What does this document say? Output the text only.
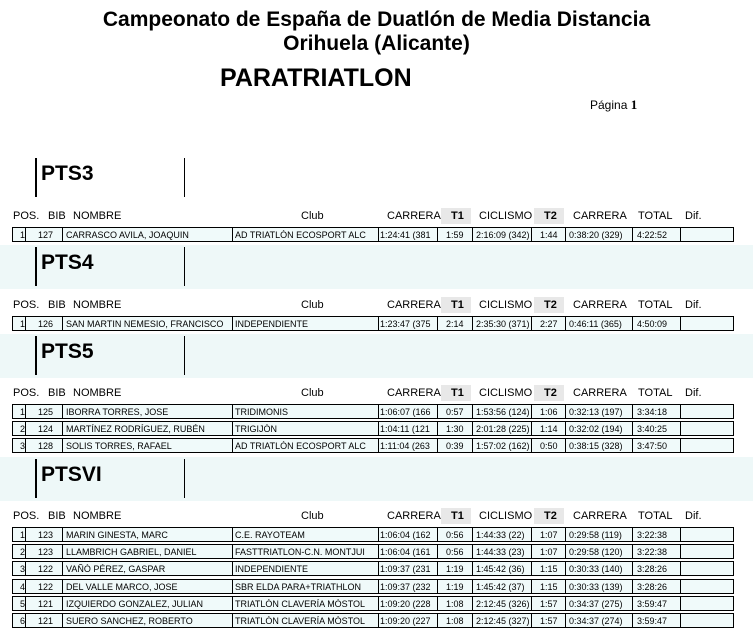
Campeonato de España de Duatlón de Media Distancia
Orihuela (Alicante)
PARATRIATLON
Página 1
PTS3
POS. BIB NOMBRE	Club	CARRERA T1 CICLISMO T2 CARRERA TOTAL Dif.
1 127	CARRASCO AVILA, JOAQUIN	AD TRIATLÓN ECOSPORT ALC	1:24:41 (381	1:59	2:16:09 (342) 1:44	0:38:20 (329)	4:22:52
PTS4
POS. BIB NOMBRE	Club	CARRERA T1 CICLISMO T2 CARRERA TOTAL Dif.
1 126	SAN MARTIN NEMESIO, FRANCISCO	INDEPENDIENTE	1:23:47 (375	2:14	2:35:30 (371) 2:27	0:46:11 (365)	4:50:09
PTS5
POS. BIB NOMBRE	Club	CARRERA T1 CICLISMO T2 CARRERA TOTAL Dif.
1 125	IBORRA TORRES, JOSE	TRIDIMONIS	1:06:07 (166	0:57	1:53:56 (124) 1:06	0:32:13 (197)	3:34:18
2 124	MARTÍNEZ RODRÍGUEZ, RUBÉN	TRIGIJÓN	1:04:11 (121	1:30	2:01:28 (225) 1:14	0:32:02 (194)	3:40:25
3 128	SOLIS TORRES, RAFAEL	AD TRIATLÓN ECOSPORT ALC	1:11:04 (263	0:39	1:57:02 (162) 0:50	0:38:15 (328)	3:47:50
PTSVI
POS. BIB NOMBRE	Club	CARRERA T1 CICLISMO T2 CARRERA TOTAL Dif.
1 123	MARIN GINESTA, MARC	C.E. RAYOTEAM	1:06:04 (162	0:56	1:44:33 (22)	1:07	0:29:58 (119)	3:22:38
2 123	LLAMBRICH GABRIEL, DANIEL	FASTTRIATLON-C.N. MONTJUI	1:06:04 (161	0:56	1:44:33 (23)	1:07	0:29:58 (120)	3:22:38
3 122	VAÑÓ PÉREZ, GASPAR	INDEPENDIENTE	1:09:37 (231	1:19	1:45:42 (36)	1:15	0:30:33 (140)	3:28:26
4 122	DEL VALLE MARCO, JOSE	SBR ELDA PARA+TRIATHLON	1:09:37 (232	1:19	1:45:42 (37)	1:15	0:30:33 (139)	3:28:26
5 121	IZQUIERDO GONZALEZ, JULIAN	TRIATLÓN CLAVERÍA MÓSTOL	1:09:20 (228	1:08	2:12:45 (326) 1:57	0:34:37 (275)	3:59:47
6 121	SUERO SANCHEZ, ROBERTO	TRIATLÓN CLAVERÍA MÓSTOL	1:09:20 (227	1:08	2:12:45 (327) 1:57	0:34:37 (274)	3:59:47
